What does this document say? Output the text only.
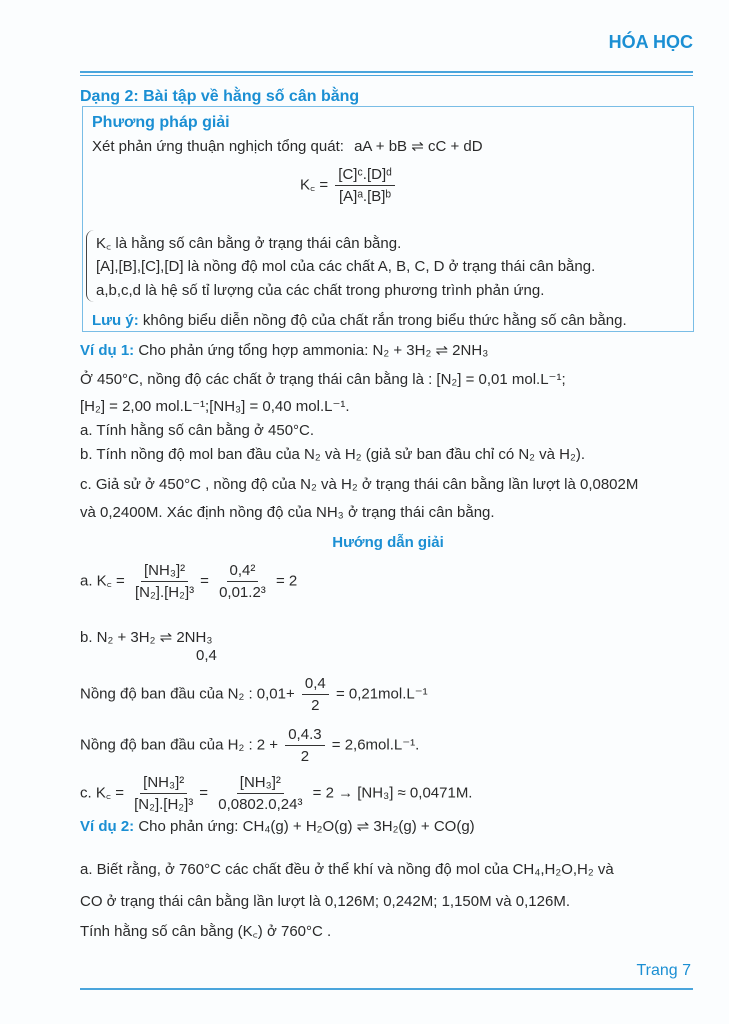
HÓA HỌC
Dạng 2: Bài tập về hằng số cân bằng
Phương pháp giải
Xét phản ứng thuận nghịch tổng quát: aA + bB ⇌ cC + dD
K꜀ = $\frac{\text{[C]ᶜ.[D]ᵈ}}{\text{[A]ᵃ.[B]ᵇ}}$
K꜀ là hằng số cân bằng ở trạng thái cân bằng.
[A],[B],[C],[D] là nồng độ mol của các chất A, B, C, D ở trạng thái cân bằng.
a,b,c,d là hệ số tỉ lượng của các chất trong phương trình phản ứng.
Lưu ý: không biểu diễn nồng độ của chất rắn trong biểu thức hằng số cân bằng.
Ví dụ 1: Cho phản ứng tổng hợp ammonia: N₂ + 3H₂ ⇌ 2NH₃
Ở 450°C, nồng độ các chất ở trạng thái cân bằng là : [N₂] = 0,01 mol.L⁻¹;
[H₂] = 2,00 mol.L⁻¹;[NH₃] = 0,40 mol.L⁻¹.
a. Tính hằng số cân bằng ở 450°C.
b. Tính nồng độ mol ban đầu của N₂ và H₂ (giả sử ban đầu chỉ có N₂ và H₂).
c. Giả sử ở 450°C , nồng độ của N₂ và H₂ ở trạng thái cân bằng lần lượt là 0,0802M
và 0,2400M. Xác định nồng độ của NH₃ ở trạng thái cân bằng.
Hướng dẫn giải
a. K꜀ = $\frac{\text{[NH₃]²}}{\text{[N₂].[H₂]³}} = \frac{\text{0,4²}}{\text{0,01.2³}} = 2$
b. N₂ + 3H₂ ⇌ 2NH₃
0,4
Nồng độ ban đầu của N₂ : $0,01+ \frac{0,4}{2} = 0,21mol.L^{-1}$
Nồng độ ban đầu của H₂ : $2 + \frac{0,4.3}{2} = 2,6mol.L^{-1}$.
c. K꜀ = $\frac{\text{[NH₃]²}}{\text{[N₂].[H₂]³}} = \frac{\text{[NH₃]²}}{\text{0,0802.0,24³}} = 2 \to [NH_3] \approx 0,0471M$.
Ví dụ 2: Cho phản ứng: CH₄(g) + H₂O(g) ⇌ 3H₂(g) + CO(g)
a. Biết rằng, ở 760°C các chất đều ở thể khí và nồng độ mol của CH₄,H₂O,H₂ và
CO ở trạng thái cân bằng lần lượt là 0,126M; 0,242M; 1,150M và 0,126M.
Tính hằng số cân bằng (K꜀) ở 760°C .
Trang 7
